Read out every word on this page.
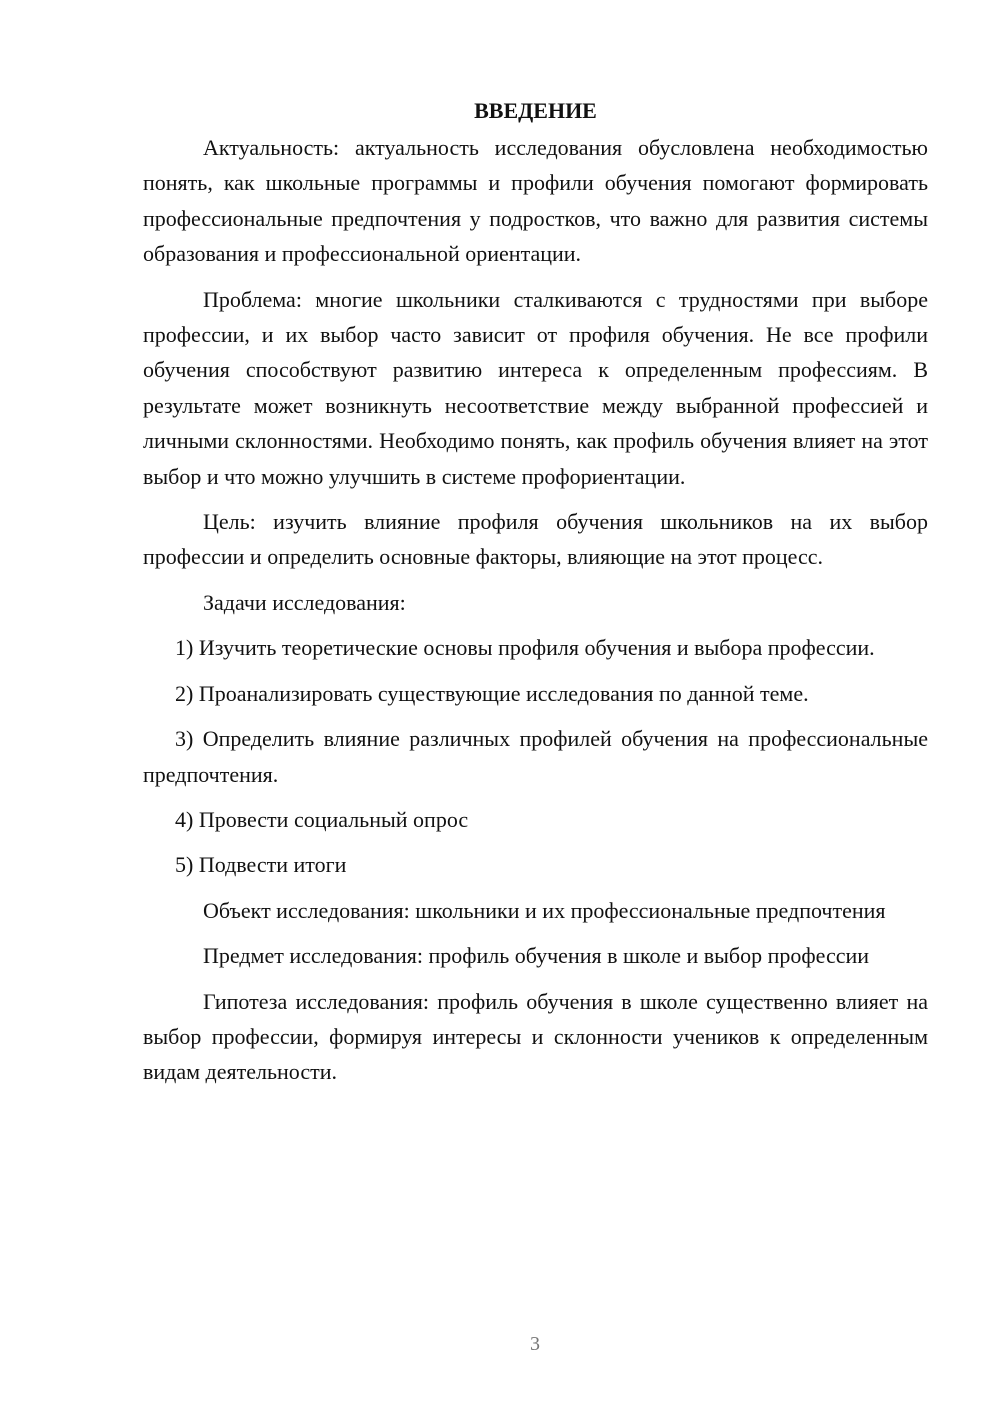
ВВЕДЕНИЕ

Актуальность: актуальность исследования обусловлена необходимостью понять, как школьные программы и профили обучения помогают формировать профессиональные предпочтения у подростков, что важно для развития системы образования и профессиональной ориентации.

Проблема: многие школьники сталкиваются с трудностями при выборе профессии, и их выбор часто зависит от профиля обучения. Не все профили обучения способствуют развитию интереса к определенным профессиям. В результате может возникнуть несоответствие между выбранной профессией и личными склонностями. Необходимо понять, как профиль обучения влияет на этот выбор и что можно улучшить в системе профориентации.

Цель: изучить влияние профиля обучения школьников на их выбор профессии и определить основные факторы, влияющие на этот процесс.

Задачи исследования:

1) Изучить теоретические основы профиля обучения и выбора профессии.

2) Проанализировать существующие исследования по данной теме.

3) Определить влияние различных профилей обучения на профессиональные предпочтения.

4) Провести социальный опрос

5) Подвести итоги

Объект исследования: школьники и их профессиональные предпочтения

Предмет исследования: профиль обучения в школе и выбор профессии

Гипотеза исследования: профиль обучения в школе существенно влияет на выбор профессии, формируя интересы и склонности учеников к определенным видам деятельности.

3
